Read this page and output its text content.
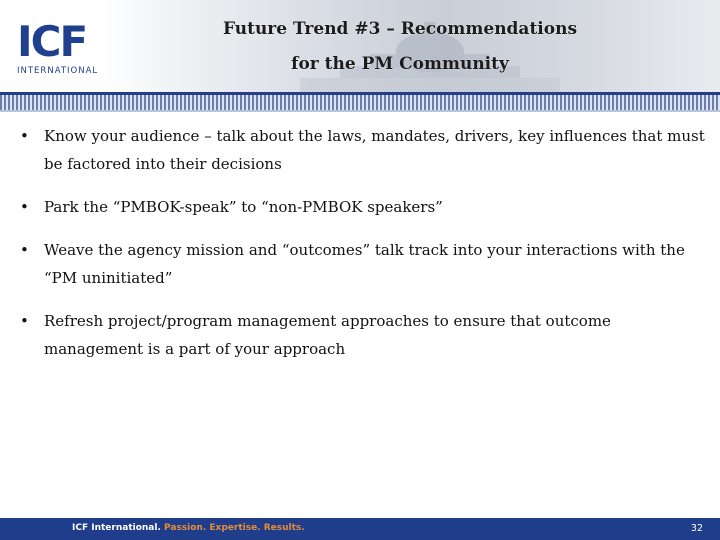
ICF
INTERNATIONAL
Future Trend #3 – Recommendations
for the PM Community
• Know your audience – talk about the laws, mandates, drivers, key influences that must be factored into their decisions
• Park the “PMBOK-speak” to “non-PMBOK speakers”
• Weave the agency mission and “outcomes” talk track into your interactions with the “PM uninitiated”
• Refresh project/program management approaches to ensure that outcome management is a part of your approach
ICF International. Passion. Expertise. Results.	32
